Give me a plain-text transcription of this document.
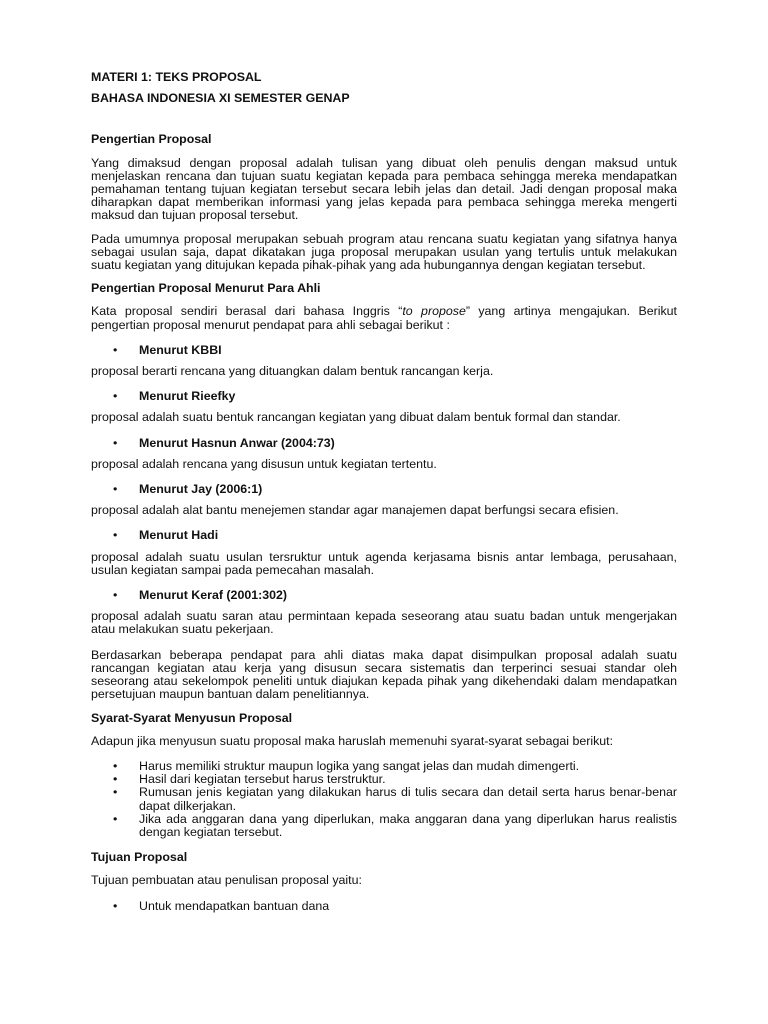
MATERI 1: TEKS PROPOSAL
BAHASA INDONESIA XI SEMESTER GENAP
Pengertian Proposal

Yang dimaksud dengan proposal adalah tulisan yang dibuat oleh penulis dengan maksud untuk menjelaskan rencana dan tujuan suatu kegiatan kepada para pembaca sehingga mereka mendapatkan pemahaman tentang tujuan kegiatan tersebut secara lebih jelas dan detail. Jadi dengan proposal maka diharapkan dapat memberikan informasi yang jelas kepada para pembaca sehingga mereka mengerti maksud dan tujuan proposal tersebut.

Pada umumnya proposal merupakan sebuah program atau rencana suatu kegiatan yang sifatnya hanya sebagai usulan saja, dapat dikatakan juga proposal merupakan usulan yang tertulis untuk melakukan suatu kegiatan yang ditujukan kepada pihak-pihak yang ada hubungannya dengan kegiatan tersebut.

Pengertian Proposal Menurut Para Ahli

Kata proposal sendiri berasal dari bahasa Inggris “to propose” yang artinya mengajukan. Berikut pengertian proposal menurut pendapat para ahli sebagai berikut :

• Menurut KBBI

proposal berarti rencana yang dituangkan dalam bentuk rancangan kerja.

• Menurut Rieefky

proposal adalah suatu bentuk rancangan kegiatan yang dibuat dalam bentuk formal dan standar.

• Menurut Hasnun Anwar (2004:73)

proposal adalah rencana yang disusun untuk kegiatan tertentu.

• Menurut Jay (2006:1)

proposal adalah alat bantu menejemen standar agar manajemen dapat berfungsi secara efisien.

• Menurut Hadi

proposal adalah suatu usulan tersruktur untuk agenda kerjasama bisnis antar lembaga, perusahaan, usulan kegiatan sampai pada pemecahan masalah.

• Menurut Keraf (2001:302)

proposal adalah suatu saran atau permintaan kepada seseorang atau suatu badan untuk mengerjakan atau melakukan suatu pekerjaan.

Berdasarkan beberapa pendapat para ahli diatas maka dapat disimpulkan proposal adalah suatu rancangan kegiatan atau kerja yang disusun secara sistematis dan terperinci sesuai standar oleh seseorang atau sekelompok peneliti untuk diajukan kepada pihak yang dikehendaki dalam mendapatkan persetujuan maupun bantuan dalam penelitiannya.

Syarat-Syarat Menyusun Proposal

Adapun jika menyusun suatu proposal maka haruslah memenuhi syarat-syarat sebagai berikut:

• Harus memiliki struktur maupun logika yang sangat jelas dan mudah dimengerti.
• Hasil dari kegiatan tersebut harus terstruktur.
• Rumusan jenis kegiatan yang dilakukan harus di tulis secara dan detail serta harus benar-benar dapat dilkerjakan.
• Jika ada anggaran dana yang diperlukan, maka anggaran dana yang diperlukan harus realistis dengan kegiatan tersebut.
Tujuan Proposal

Tujuan pembuatan atau penulisan proposal yaitu:

• Untuk mendapatkan bantuan dana
